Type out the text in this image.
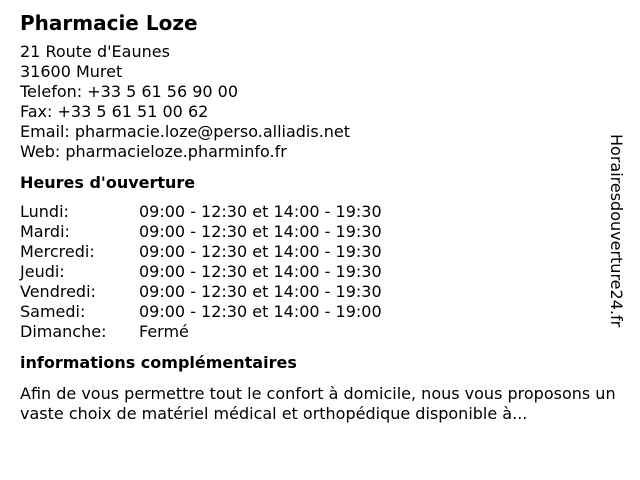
Pharmacie Loze
21 Route d'Eaunes
31600 Muret
Telefon: +33 5 61 56 90 00
Fax: +33 5 61 51 00 62
Email: pharmacie.loze@perso.alliadis.net
Web: pharmacieloze.pharminfo.fr
Heures d'ouverture
Lundi:	09:00 - 12:30 et 14:00 - 19:30
Mardi:	09:00 - 12:30 et 14:00 - 19:30
Mercredi:	09:00 - 12:30 et 14:00 - 19:30
Jeudi:	09:00 - 12:30 et 14:00 - 19:30
Vendredi:	09:00 - 12:30 et 14:00 - 19:30
Samedi:	09:00 - 12:30 et 14:00 - 19:00
Dimanche:	Fermé
informations complémentaires
Afin de vous permettre tout le confort à domicile, nous vous proposons un vaste choix de matériel médical et orthopédique disponible à...
Horairesdouverture24.fr
